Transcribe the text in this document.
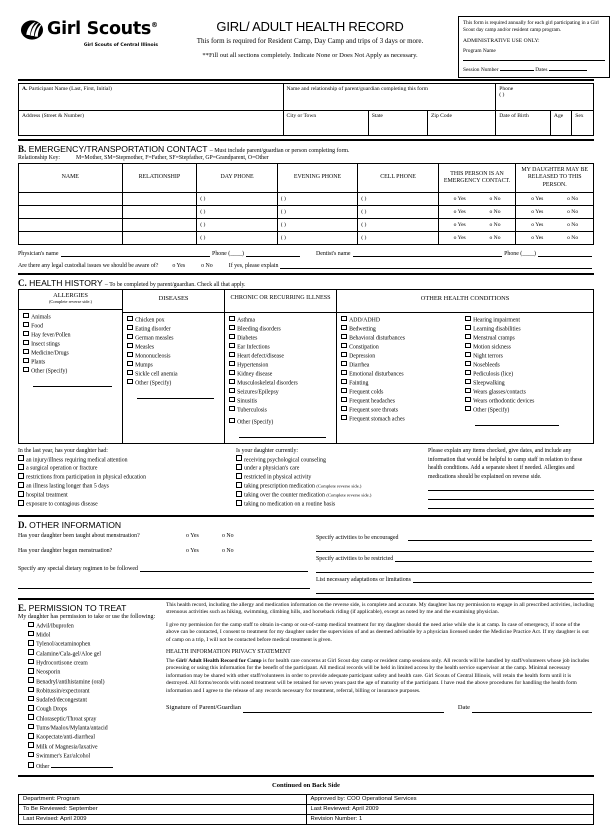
Girl Scouts®
Girl Scouts of Central Illinois
GIRL/ ADULT HEALTH RECORD
This form is required for Resident Camp, Day Camp and trips of 3 days or more.
**Fill out all sections completely. Indicate None or Does Not Apply as necessary.
This form is required annually for each girl participating in a Girl Scout day camp and/or resident camp program.
ADMINISTRATIVE USE ONLY:
Program Name
Session Number	Dates
A. Participant Name (Last, First, Initial)	Name and relationship of parent/guardian completing this form	Phone
( )
Address (Street & Number)		City or Town	State	Zip Code
		Date of Birth	Age	Sex
B. EMERGENCY/TRANSPORTATION CONTACT – Must include parent/guardian or person completing form.
Relationship Key:	M=Mother, SM=Stepmother, F=Father, SF=Stepfather, GP=Grandparent, O=Other
NAME	RELATIONSHIP	DAY PHONE	EVENING PHONE	CELL PHONE	THIS PERSON IS AN EMERGENCY CONTACT.	MY DAUGHTER MAY BE RELEASED TO THIS PERSON.
		( )	( )	( )	o Yes o No	o Yes o No

		( )	( )	( )	o Yes o No	o Yes o No

		( )	( )	( )	o Yes o No	o Yes o No

		( )	( )	( )	o Yes o No	o Yes o No
Physician's name	Phone (____)	Dentist's name	Phone (____)
Are there any legal custodial issues we should be aware of?	o Yes	o No	If yes, please explain
C. HEALTH HISTORY – To be completed by parent/guardian. Check all that apply.
ALLERGIES
(Complete reverse side.)
Animals
Food
Hay fever/Pollen
Insect stings
Medicine/Drugs
Plants
Other (Specify)
DISEASES
Chicken pox
Eating disorder
German measles
Measles
Mononucleosis
Mumps
Sickle cell anemia
Other (Specify)
CHRONIC OR RECURRING ILLNESS
Asthma
Bleeding disorders
Diabetes
Ear Infections
Heart defect/disease
Hypertension
Kidney disease
Musculoskeletal disorders
Seizures/Epilepsy
Sinusitis
Tuberculosis
Other (Specify)
OTHER HEALTH CONDITIONS
ADD/ADHD
Bedwetting
Behavioral disturbances
Constipation
Depression
Diarrhea
Emotional disturbances
Fainting
Frequent colds
Frequent headaches
Frequent sore throats
Frequent stomach aches
Hearing impairment
Learning disabilities
Menstrual cramps
Motion sickness
Night terrors
Nosebleeds
Pediculosis (lice)
Sleepwalking
Wears glasses/contacts
Wears orthodontic devices
Other (Specify)

In the last year, has your daughter had:

an injury/illness requiring medical attention
a surgical operation or fracture
restrictions from participation in physical education
an illness lasting longer than 5 days
hospital treatment
exposure to contagious disease

Is your daughter currently:

receiving psychological counseling
under a physician's care
restricted in physical activity
taking prescription medication (Complete reverse side.)
taking over the counter medication (Complete reverse side.)
taking no medication on a routine basis

Please explain any items checked, give dates, and include any information that would be helpful to camp staff in relation to these health conditions. Add a separate sheet if needed. Allergies and medications should be explained on reverse side.

D. OTHER INFORMATION
Has your daughter been taught about menstruation?	o Yes	o No
Has your daughter begun menstruation?	o Yes	o No
Specify any special dietary regimen to be followed
Specify activities to be encouraged
Specify activities to be restricted
List necessary adaptations or limitations
E. PERMISSION TO TREAT
My daughter has permission to take or use the following:
Advil/Ibuprofen
Midol
Tylenol/acetaminophen
Calamine/Cala-gel/Aloe gel
Hydrocortisone cream
Neosporin
Benadryl/antihistamine (oral)
Robitussin/expectorant
Sudafed/decongestant
Cough Drops
Chloraseptic/Throat spray
Tums/Maalox/Mylanta/antacid
Kaopectate/anti-diarrheal
Milk of Magnesia/laxative
Swimmer's Ear/alcohol
Other

This health record, including the allergy and medication information on the reverse side, is complete and accurate. My daughter has my permission to engage in all prescribed activities, including strenuous activities such as hiking, swimming, climbing hills, and horseback riding (if applicable), except as noted by me and the examining physician.

I give my permission for the camp staff to obtain in-camp or out-of-camp medical treatment for my daughter should the need arise while she is at camp. In case of emergency, if none of the above can be contacted, I consent to treatment for my daughter under the supervision of and as deemed advisable by a physician licensed under the Medicine Practice Act. If my daughter is out of camp on a trip, I will not be contacted before medical treatment is given.

HEALTH INFORMATION PRIVACY STATEMENT

The Girl/ Adult Health Record for Camp is for health care concerns at Girl Scout day camp or resident camp sessions only. All records will be handled by staff/volunteers whose job includes processing or using this information for the benefit of the participant. All medical records will be held in limited access by the health service supervisor at the camp. Minimal necessary information may be shared with other staff/volunteers in order to provide adequate participant safety and health care. Girl Scouts of Central Illinois, will retain the health form until it is destroyed. All forms/records with noted treatment will be retained for seven years past the age of maturity of the participant. I have read the above procedures for handling the health form information and I agree to the release of any records necessary for treatment, referral, billing or insurance purposes.

Signature of Parent/Guardian	Date
Continued on Back Side
Department: Program	Approved by: COO Operational Services
To Be Reviewed: September	Last Reviewed: April 2009
Last Revised: April 2009	Revision Number: 1
